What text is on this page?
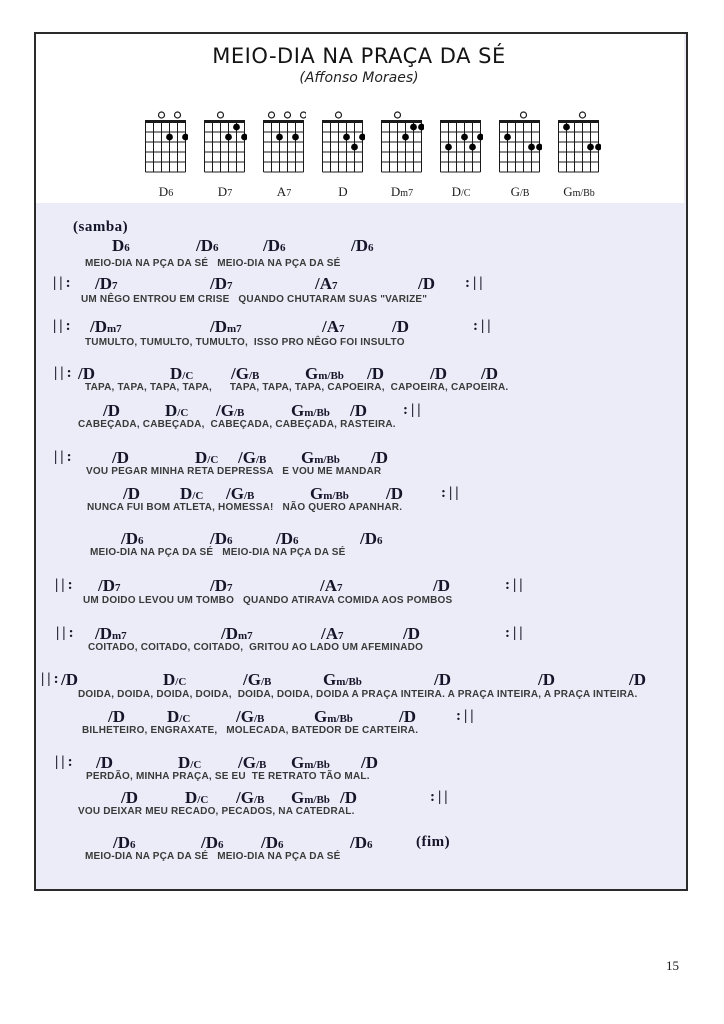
MEIO-DIA NA PRAÇA DA SÉ
(Affonso Moraes)
D6	D7	A7	D	Dm7	D/C	G/B	Gm/Bb
(samba)
D6	/D6	/D6	/D6
MEIO-DIA NA PÇA DA SÉ   MEIO-DIA NA PÇA DA SÉ
||: /D7	/D7	/A7	/D :||
UM NÊGO ENTROU EM CRISE   QUANDO CHUTARAM SUAS "VARIZE"
||: /Dm7	/Dm7	/A7	/D	:||
TUMULTO, TUMULTO, TUMULTO,  ISSO PRO NÊGO FOI INSULTO
||: /D	D/C /G/B	Gm/Bb /D	/D /D
TAPA, TAPA, TAPA, TAPA,      TAPA, TAPA, TAPA, CAPOEIRA,  CAPOEIRA, CAPOEIRA.
/D	D/C /G/B	Gm/Bb /D :||
CABEÇADA, CABEÇADA,  CABEÇADA, CABEÇADA, RASTEIRA.
||: /D	D/C /G/B Gm/Bb /D
VOU PEGAR MINHA RETA DEPRESSA   E VOU ME MANDAR
/D D/C /G/B	Gm/Bb /D	:||
NUNCA FUI BOM ATLETA, HOMESSA!   NÃO QUERO APANHAR.
/D6	/D6	/D6	/D6
MEIO-DIA NA PÇA DA SÉ   MEIO-DIA NA PÇA DA SÉ
||: /D7	/D7	/A7	/D	:||
UM DOIDO LEVOU UM TOMBO   QUANDO ATIRAVA COMIDA AOS POMBOS
||: /Dm7	/Dm7	/A7	/D	:||
COITADO, COITADO, COITADO,  GRITOU AO LADO UM AFEMINADO
||: /D	D/C	/G/B	Gm/Bb	/D	/D	/D
DOIDA, DOIDA, DOIDA, DOIDA,  DOIDA, DOIDA, DOIDA A PRAÇA INTEIRA. A PRAÇA INTEIRA, A PRAÇA INTEIRA.
/D D/C	/G/B	Gm/Bb	/D	:||
BILHETEIRO, ENGRAXATE,   MOLECADA, BATEDOR DE CARTEIRA.
||: /D	D/C /G/B Gm/Bb /D
PERDÃO, MINHA PRAÇA, SE EU  TE RETRATO TÃO MAL.
/D	D/C /G/B Gm/Bb /D	:||
VOU DEIXAR MEU RECADO, PECADOS, NA CATEDRAL.
/D6	/D6 /D6	/D6	(fim)
MEIO-DIA NA PÇA DA SÉ   MEIO-DIA NA PÇA DA SÉ
15
